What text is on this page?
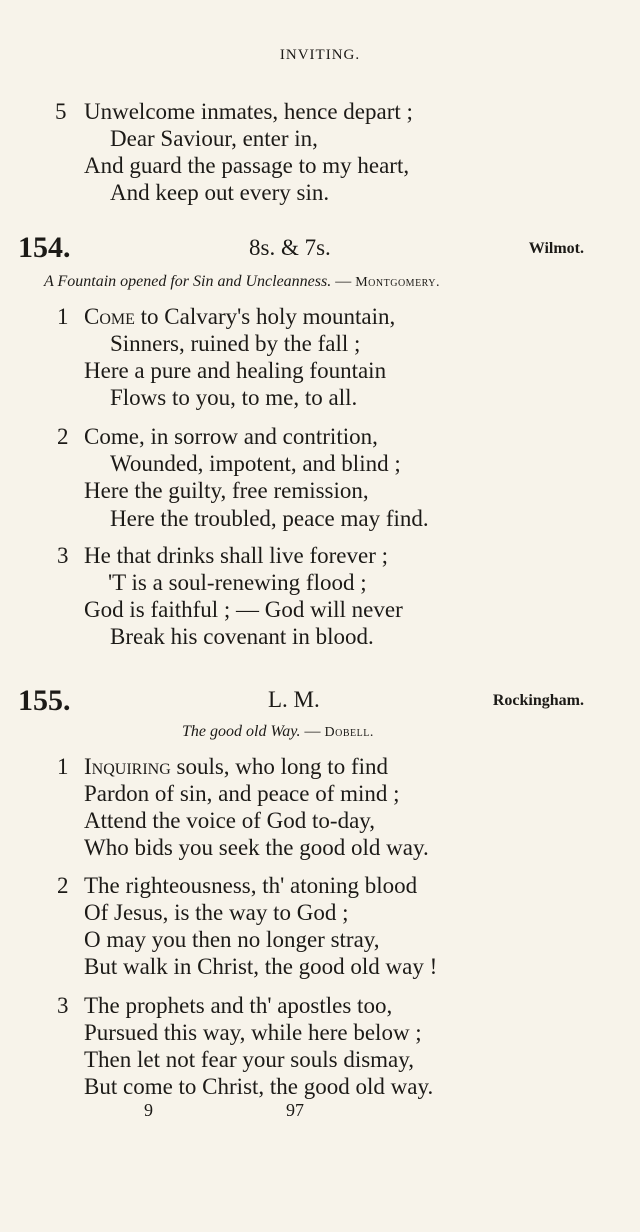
INVITING.
5 Unwelcome inmates, hence depart ;
Dear Saviour, enter in,
And guard the passage to my heart,
And keep out every sin.
154.	8s. & 7s.	Wilmot.
A Fountain opened for Sin and Uncleanness. — Montgomery.
1 Come to Calvary's holy mountain,
Sinners, ruined by the fall ;
Here a pure and healing fountain
Flows to you, to me, to all.
2 Come, in sorrow and contrition,
Wounded, impotent, and blind ;
Here the guilty, free remission,
Here the troubled, peace may find.
3 He that drinks shall live forever ;
'T is a soul-renewing flood ;
God is faithful ; — God will never
Break his covenant in blood.
155.	L. M.	Rockingham.
The good old Way. — Dobell.
1 Inquiring souls, who long to find
Pardon of sin, and peace of mind ;
Attend the voice of God to-day,
Who bids you seek the good old way.
2 The righteousness, th' atoning blood
Of Jesus, is the way to God ;
O may you then no longer stray,
But walk in Christ, the good old way !
3 The prophets and th' apostles too,
Pursued this way, while here below ;
Then let not fear your souls dismay,
But come to Christ, the good old way.
9	97
